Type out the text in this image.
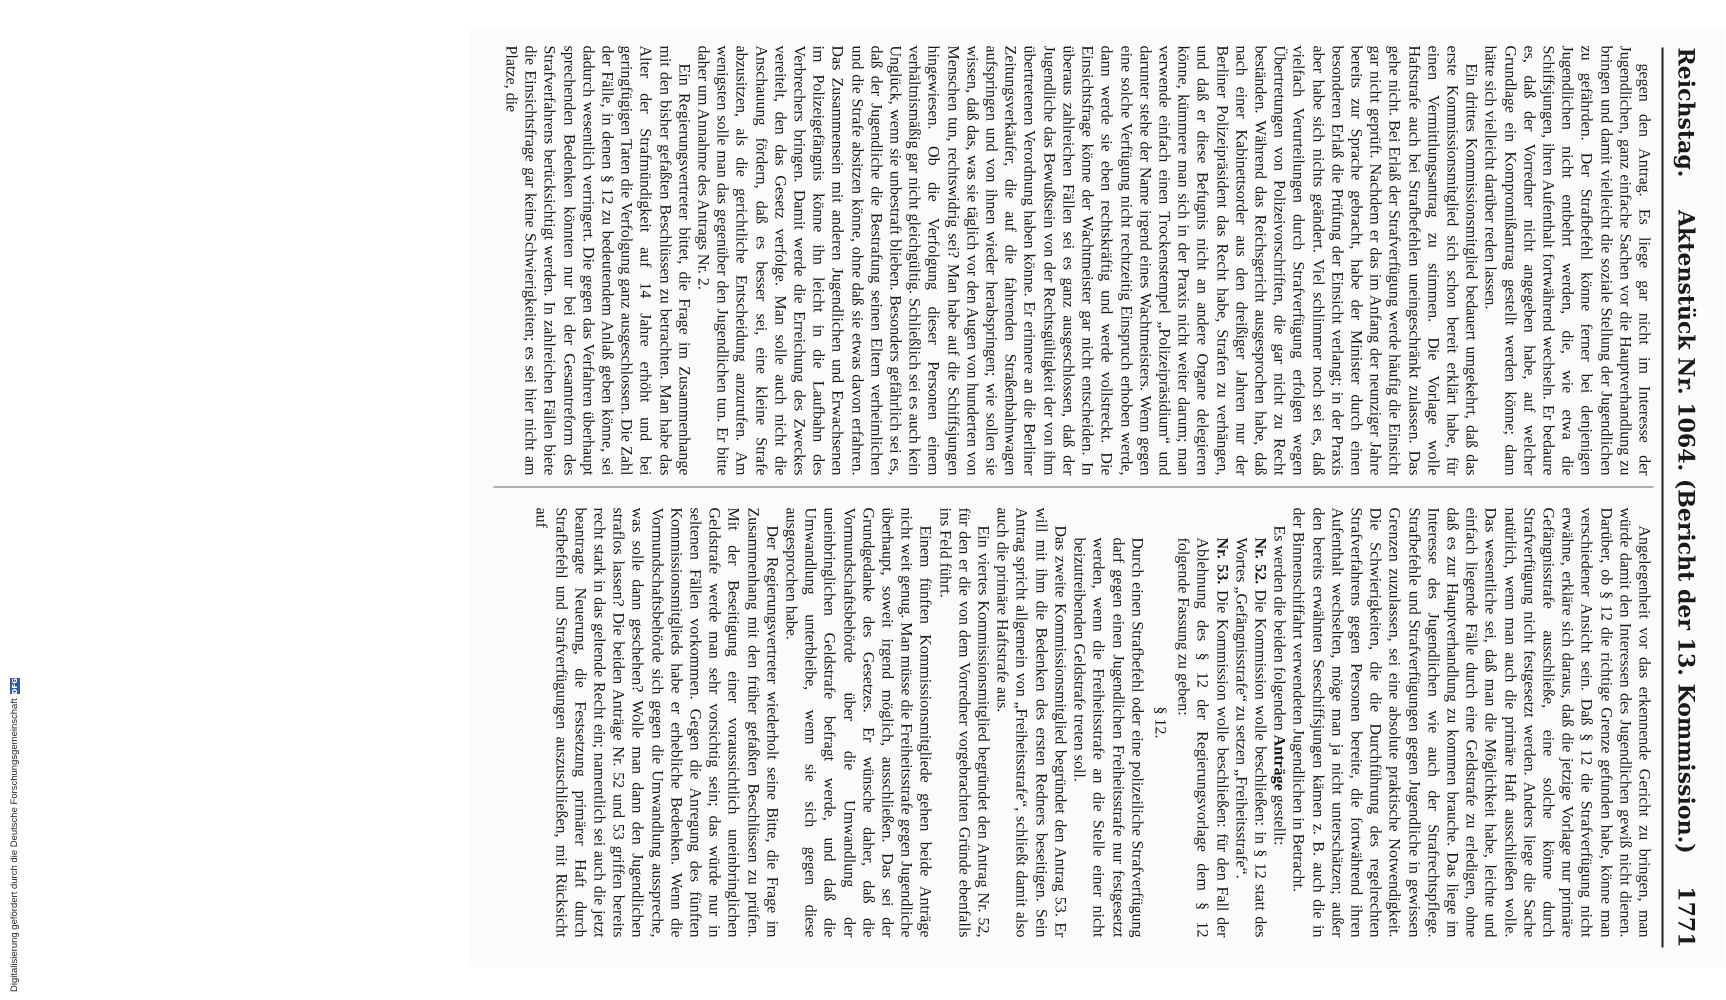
Reichstag.
Aktenstück Nr. 1064. (Bericht der 13. Kommission.)
1771

gegen den Antrag. Es liege gar nicht im Interesse der Jugendlichen, ganz einfache Sachen vor die Hauptverhandlung zu bringen und damit vielleicht die soziale Stellung der Jugendlichen zu gefährden. Der Strafbefehl könne ferner bei denjenigen Jugendlichen nicht entbehrt werden, die, wie etwa die Schiffsjungen, ihren Aufenthalt fortwährend wechseln. Er bedaure es, daß der Vorredner nicht angegeben habe, auf welcher Grundlage ein Kompromißantrag gestellt werden könne; dann hätte sich vielleicht darüber reden lassen.

Ein drittes Kommissionsmitglied bedauert umgekehrt, daß das erste Kommissionsmitglied sich schon bereit erklärt habe, für einen Vermittlungsantrag zu stimmen. Die Vorlage wolle Haftstrafe auch bei Strafbefehlen uneingeschränkt zulassen. Das gehe nicht. Bei Erlaß der Strafverfügung werde häufig die Einsicht gar nicht geprüft. Nachdem er das im Anfang der neunziger Jahre bereits zur Sprache gebracht, habe der Minister durch einen besonderen Erlaß die Prüfung der Einsicht verlangt; in der Praxis aber habe sich nichts geändert. Viel schlimmer noch sei es, daß vielfach Verurteilungen durch Strafverfügung erfolgen wegen Übertretungen von Polizeivorschriften, die gar nicht zu Recht beständen. Während das Reichsgericht ausgesprochen habe, daß nach einer Kabinettsorder aus den dreißiger Jahren nur der Berliner Polizeipräsident das Recht habe, Strafen zu verhängen, und daß er diese Befugnis nicht an andere Organe delegieren könne, kümmere man sich in der Praxis nicht weiter darum; man verwende einfach einen Trockenstempel „Polizeipräsidium“ und darunter stehe der Name irgend eines Wachtmeisters. Wenn gegen eine solche Verfügung nicht rechtzeitig Einspruch erhoben werde, dann werde sie eben rechtskräftig und werde vollstreckt. Die Einsichtsfrage könne der Wachtmeister gar nicht entscheiden. In überaus zahlreichen Fällen sei es ganz ausgeschlossen, daß der Jugendliche das Bewußtsein von der Rechtsgültigkeit der von ihm übertretenen Verordnung haben könne. Er erinnere an die Berliner Zeitungsverkäufer, die auf die fahrenden Straßenbahnwagen aufspringen und von ihnen wieder herabspringen; wie sollen sie wissen, daß das, was sie täglich vor den Augen von hunderten von Menschen tun, rechtswidrig sei? Man habe auf die Schiffsjungen hingewiesen. Ob die Verfolgung dieser Personen einem verhältnismäßig gar nicht gleichgültig. Schließlich sei es auch kein Unglück, wenn sie unbestraft blieben. Besonders gefährlich sei es, daß der Jugendliche die Bestrafung seinen Eltern verheimlichen und die Strafe absitzen könne, ohne daß sie etwas davon erfahren. Das Zusammensein mit anderen Jugendlichen und Erwachsenen im Polizeigefängnis könne ihn leicht in die Laufbahn des Verbrechers bringen. Damit werde die Erreichung des Zweckes vereitelt, den das Gesetz verfolge. Man solle auch nicht die Anschauung fördern, daß es besser sei, eine kleine Strafe abzusitzen, als die gerichtliche Entscheidung anzurufen. Am wenigsten solle man das gegenüber den Jugendlichen tun. Er bitte daher um Annahme des Antrags Nr. 2.

Ein Regierungsvertreter bittet, die Frage im Zusammenhange mit den bisher gefaßten Beschlüssen zu betrachten. Man habe das Alter der Strafmündigkeit auf 14 Jahre erhöht und bei geringfügigen Taten die Verfolgung ganz ausgeschlossen. Die Zahl der Fälle, in denen § 12 zu bedeutendem Anlaß geben könne, sei dadurch wesentlich verringert. Die gegen das Verfahren überhaupt sprechenden Bedenken könnten nur bei der Gesamtreform des Strafverfahrens berücksichtigt werden. In zahlreichen Fällen biete die Einsichtsfrage gar keine Schwierigkeiten; es sei hier nicht am Platze, die

Angelegenheit vor das erkennende Gericht zu bringen, man würde damit den Interessen des Jugendlichen gewiß nicht dienen. Darüber, ob § 12 die richtige Grenze gefunden habe, könne man verschiedener Ansicht sein. Daß § 12 die Strafverfügung nicht erwähne, erkläre sich daraus, daß die jetzige Vorlage nur primäre Gefängnisstrafe ausschließe, eine solche könne durch Strafverfügung nicht festgesetzt werden. Anders liege die Sache natürlich, wenn man auch die primäre Haft ausschließen wolle. Das wesentliche sei, daß man die Möglichkeit habe, leichte und einfach liegende Fälle durch eine Geldstrafe zu erledigen, ohne daß es zur Hauptverhandlung zu kommen brauche. Das liege im Interesse des Jugendlichen wie auch der Strafrechtspflege. Strafbefehle und Strafverfügungen gegen Jugendliche in gewissen Grenzen zuzulassen, sei eine absolute praktische Notwendigkeit. Die Schwierigkeiten, die die Durchführung des regelrechten Strafverfahrens gegen Personen bereite, die fortwährend ihren Aufenthalt wechselten, möge man ja nicht unterschätzen; außer den bereits erwähnten Seeschiffsjungen kämen z. B. auch die in der Binnenschiffahrt verwendeten Jugendlichen in Betracht.

Es werden die beiden folgenden Anträge gestellt:

Nr. 52. Die Kommission wolle beschließen: in § 12 statt des Wortes „Gefängnisstrafe“ zu setzen „Freiheitsstrafe“.

Nr. 53. Die Kommission wolle beschließen: für den Fall der Ablehnung des § 12 der Regierungsvorlage dem § 12 folgende Fassung zu geben:

§ 12.

Durch einen Strafbefehl oder eine polizeiliche Strafverfügung darf gegen einen Jugendlichen Freiheitsstrafe nur festgesetzt werden, wenn die Freiheitsstrafe an die Stelle einer nicht beizutreibenden Geldstrafe treten soll.

Das zweite Kommissionsmitglied begründet den Antrag 53. Er will mit ihm die Bedenken des ersten Redners beseitigen. Sein Antrag spricht allgemein von „Freiheitsstrafe“, schließt damit also auch die primäre Haftstrafe aus.

Ein viertes Kommissionsmitglied begründet den Antrag Nr. 52, für den er die von dem Vorredner vorgebrachten Gründe ebenfalls ins Feld führt.

Einem fünften Kommissionsmitgliede gehen beide Anträge nicht weit genug. Man müsse die Freiheitsstrafe gegen Jugendliche überhaupt, soweit irgend möglich, ausschließen. Das sei der Grundgedanke des Gesetzes. Er wünsche daher, daß die Vormundschaftsbehörde über die Umwandlung der uneinbringlichen Geldstrafe befragt werde, und daß die Umwandlung unterbleibe, wenn sie sich gegen diese ausgesprochen habe.

Der Regierungsvertreter wiederholt seine Bitte, die Frage im Zusammenhang mit den früher gefaßten Beschlüssen zu prüfen. Mit der Beseitigung einer voraussichtlich uneinbringlichen Geldstrafe werde man sehr vorsichtig sein; das würde nur in seltenen Fällen vorkommen. Gegen die Anregung des fünften Kommissionsmitglieds habe er erhebliche Bedenken. Wenn die Vormundschaftsbehörde sich gegen die Umwandlung ausspreche, was solle dann geschehen? Wolle man dann den Jugendlichen straflos lassen? Die beiden Anträge Nr. 52 und 53 griffen bereits recht stark in das geltende Recht ein; namentlich sei auch die jetzt beantragte Neuerung, die Festsetzung primärer Haft durch Strafbefehl und Strafverfügungen auszuschließen, mit Rücksicht auf

Digitalisierung gefördert durch die Deutsche Forschungsgemeinschaft
DFG
